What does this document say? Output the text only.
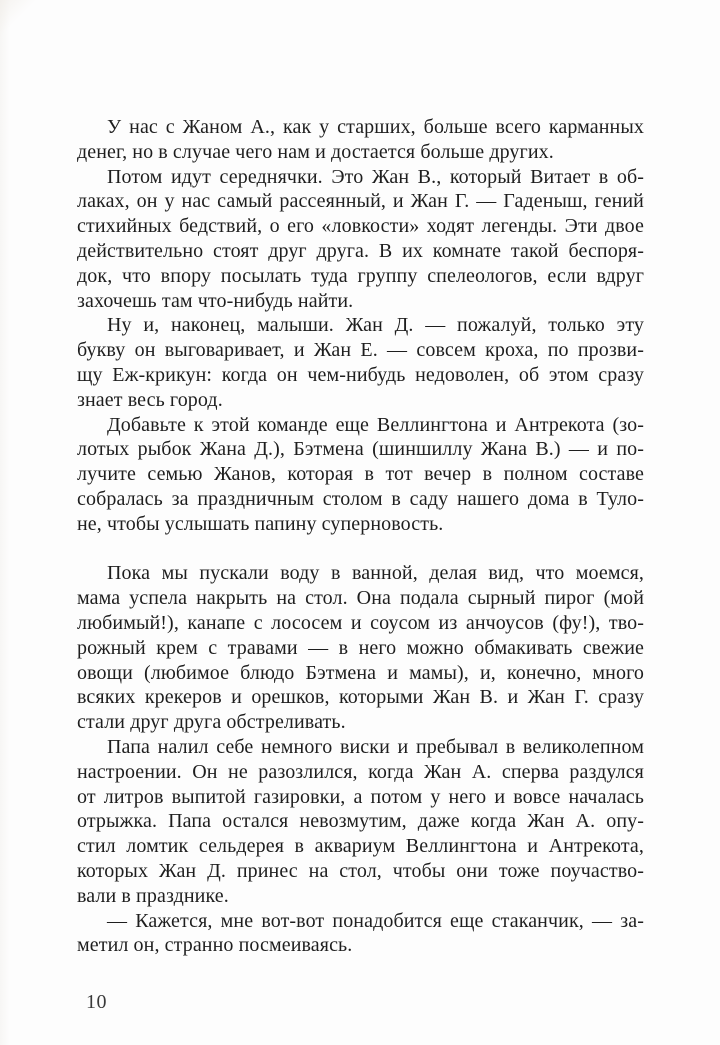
У нас с Жаном А., как у старших, больше всего карманных
денег, но в случае чего нам и достается больше других.
Потом идут середнячки. Это Жан В., который Витает в об-
лаках, он у нас самый рассеянный, и Жан Г. — Гаденыш, гений
стихийных бедствий, о его «ловкости» ходят легенды. Эти двое
действительно стоят друг друга. В их комнате такой беспоря-
док, что впору посылать туда группу спелеологов, если вдруг
захочешь там что-нибудь найти.
Ну и, наконец, малыши. Жан Д. — пожалуй, только эту
букву он выговаривает, и Жан Е. — совсем кроха, по прозви-
щу Еж-крикун: когда он чем-нибудь недоволен, об этом сразу
знает весь город.
Добавьте к этой команде еще Веллингтона и Антрекота (зо-
лотых рыбок Жана Д.), Бэтмена (шиншиллу Жана В.) — и по-
лучите семью Жанов, которая в тот вечер в полном составе
собралась за праздничным столом в саду нашего дома в Туло-
не, чтобы услышать папину суперновость.
Пока мы пускали воду в ванной, делая вид, что моемся,
мама успела накрыть на стол. Она подала сырный пирог (мой
любимый!), канапе с лососем и соусом из анчоусов (фу!), тво-
рожный крем с травами — в него можно обмакивать свежие
овощи (любимое блюдо Бэтмена и мамы), и, конечно, много
всяких крекеров и орешков, которыми Жан В. и Жан Г. сразу
стали друг друга обстреливать.
Папа налил себе немного виски и пребывал в великолепном
настроении. Он не разозлился, когда Жан А. сперва раздулся
от литров выпитой газировки, а потом у него и вовсе началась
отрыжка. Папа остался невозмутим, даже когда Жан А. опу-
стил ломтик сельдерея в аквариум Веллингтона и Антрекота,
которых Жан Д. принес на стол, чтобы они тоже поучаство-
вали в празднике.
— Кажется, мне вот-вот понадобится еще стаканчик, — за-
метил он, странно посмеиваясь.
10
